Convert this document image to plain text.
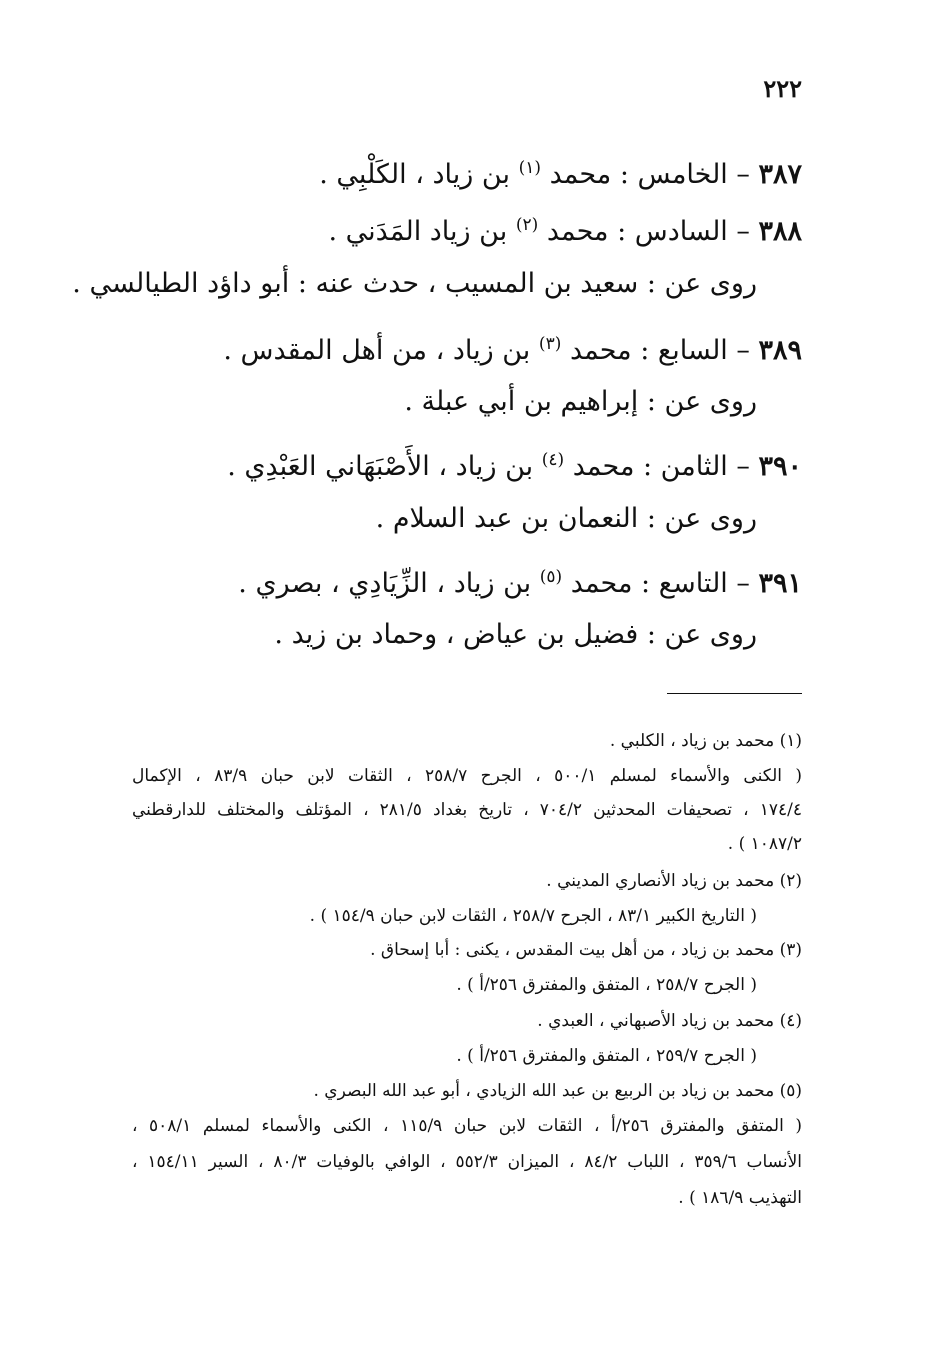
٢٢٢
٣٨٧ – الخامس : محمد $^{(١)}$ بن زياد ، الكَلْبِي .
٣٨٨ – السادس : محمد $^{(٢)}$ بن زياد المَدَني .
روى عن : سعيد بن المسيب ، حدث عنه : أبو داؤد الطيالسي .
٣٨٩ – السابع : محمد $^{(٣)}$ بن زياد ، من أهل المقدس .
روى عن : إبراهيم بن أبي عبلة .
٣٩٠ – الثامن : محمد $^{(٤)}$ بن زياد ، الأَصْبَهَاني العَبْدِي .
روى عن : النعمان بن عبد السلام .
٣٩١ – التاسع : محمد $^{(٥)}$ بن زياد ، الزِّيَادِي ، بصري .
روى عن : فضيل بن عياض ، وحماد بن زيد .
(١) محمد بن زياد ، الكلبي .
( الكنى والأسماء لمسلم ٥٠٠/١ ، الجرح ٢٥٨/٧ ، الثقات لابن حبان ٨٣/٩ ، الإكمال
١٧٤/٤ ، تصحيفات المحدثين ٧٠٤/٢ ، تاريخ بغداد ٢٨١/٥ ، المؤتلف والمختلف للدارقطني
١٠٨٧/٢ ) .
(٢) محمد بن زياد الأنصاري المديني .
( التاريخ الكبير ٨٣/١ ، الجرح ٢٥٨/٧ ، الثقات لابن حبان ١٥٤/٩ ) .
(٣) محمد بن زياد ، من أهل بيت المقدس ، يكنى : أبا إسحاق .
( الجرح ٢٥٨/٧ ، المتفق والمفترق ٢٥٦/أ ) .
(٤) محمد بن زياد الأصبهاني ، العبدي .
( الجرح ٢٥٩/٧ ، المتفق والمفترق ٢٥٦/أ ) .
(٥) محمد بن زياد بن الربيع بن عبد الله الزيادي ، أبو عبد الله البصري .
( المتفق والمفترق ٢٥٦/أ ، الثقات لابن حبان ١١٥/٩ ، الكنى والأسماء لمسلم ٥٠٨/١ ،
الأنساب ٣٥٩/٦ ، اللباب ٨٤/٢ ، الميزان ٥٥٢/٣ ، الوافي بالوفيات ٨٠/٣ ، السير ١٥٤/١١ ،
التهذيب ١٨٦/٩ ) .
